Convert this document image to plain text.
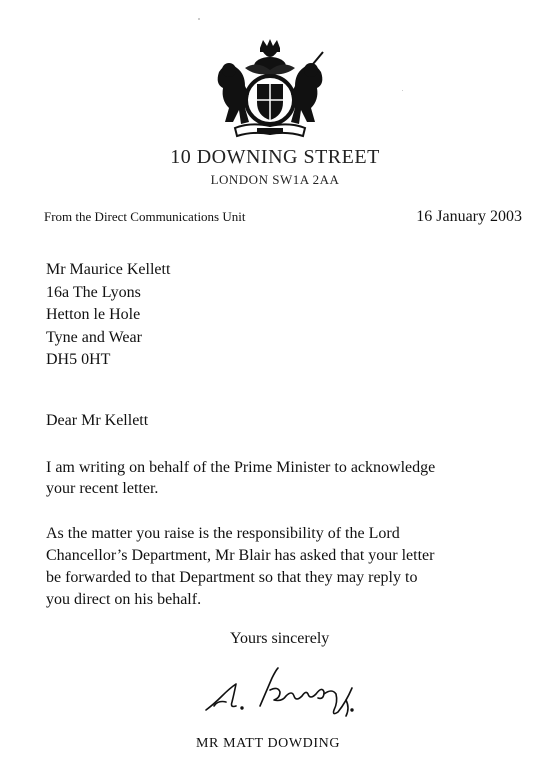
10 DOWNING STREET
LONDON SW1A 2AA
From the Direct Communications Unit	16 January 2003
Mr Maurice Kellett
16a The Lyons
Hetton le Hole
Tyne and Wear
DH5 0HT
Dear Mr Kellett
I am writing on behalf of the Prime Minister to acknowledge
your recent letter.
As the matter you raise is the responsibility of the Lord
Chancellor’s Department, Mr Blair has asked that your letter
be forwarded to that Department so that they may reply to
you direct on his behalf.
Yours sincerely
MR MATT DOWDING
